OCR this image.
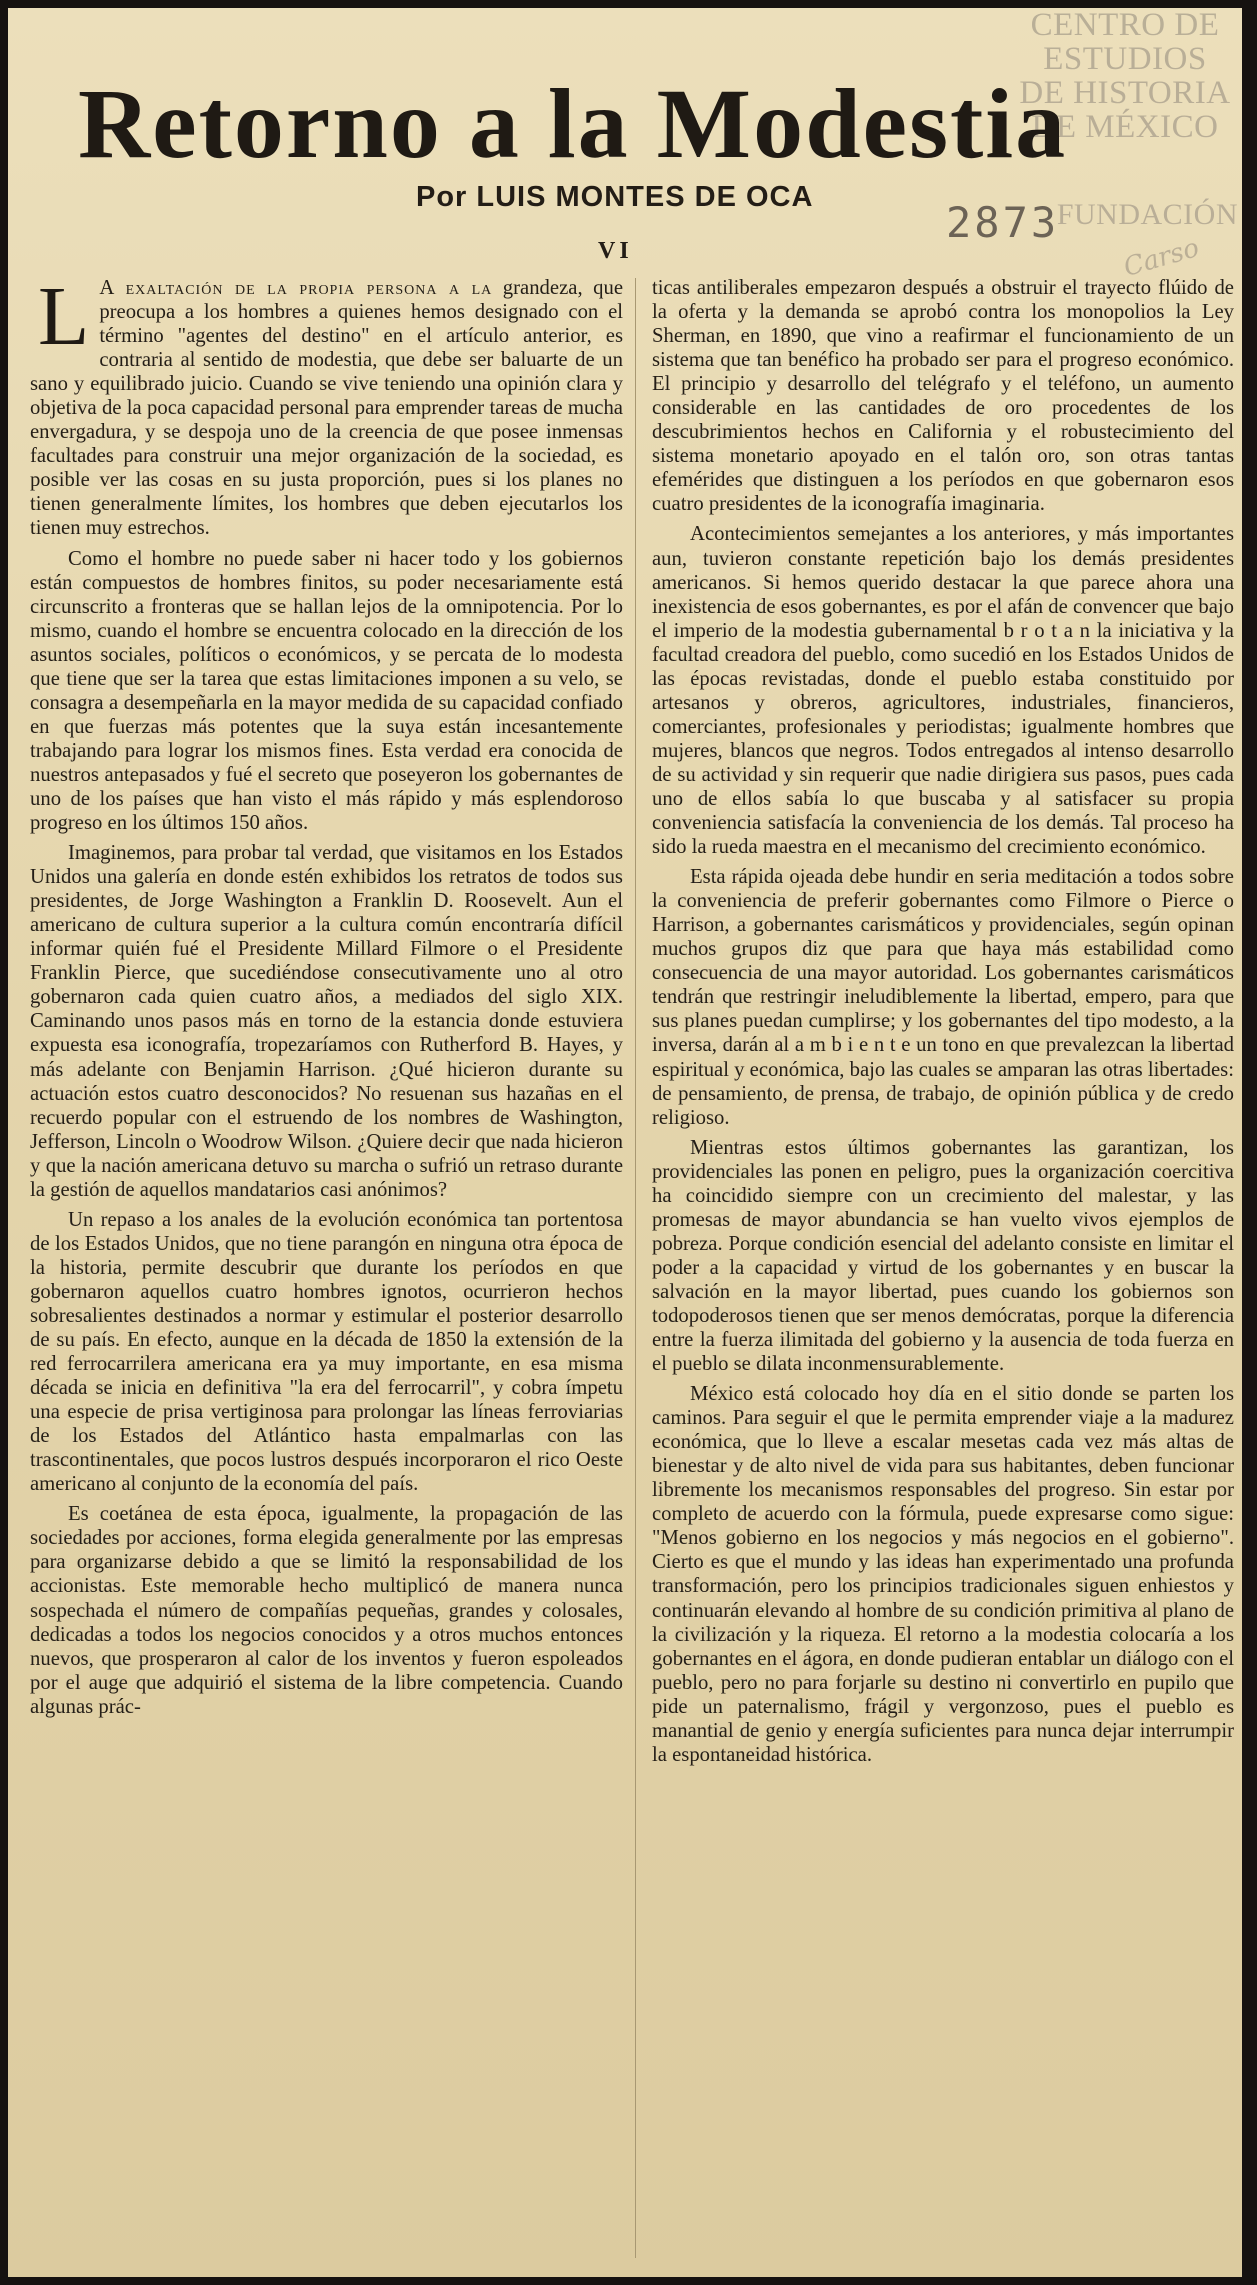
CENTRO DE
ESTUDIOS
DE HISTORIA
DE MÉXICO
FUNDACIÓN
Carso
Retorno a la Modestia
Por LUIS MONTES DE OCA
2873
VI

L A exaltación de la propia persona a la grandeza, que preocupa a los hombres a quienes hemos designado con el término "agentes del destino" en el artículo anterior, es contraria al sentido de modestia, que debe ser baluarte de un sano y equilibrado juicio. Cuando se vive teniendo una opinión clara y objetiva de la poca capacidad personal para emprender tareas de mucha envergadura, y se despoja uno de la creencia de que posee inmensas facultades para construir una mejor organización de la sociedad, es posible ver las cosas en su justa proporción, pues si los planes no tienen generalmente límites, los hombres que deben ejecutarlos los tienen muy estrechos.

Como el hombre no puede saber ni hacer todo y los gobiernos están compuestos de hombres finitos, su poder necesariamente está circunscrito a fronteras que se hallan lejos de la omnipotencia. Por lo mismo, cuando el hombre se encuentra colocado en la dirección de los asuntos sociales, políticos o económicos, y se percata de lo modesta que tiene que ser la tarea que estas limitaciones imponen a su velo, se consagra a desempeñarla en la mayor medida de su capacidad confiado en que fuerzas más potentes que la suya están incesantemente trabajando para lograr los mismos fines. Esta verdad era conocida de nuestros antepasados y fué el secreto que poseyeron los gobernantes de uno de los países que han visto el más rápido y más esplendoroso progreso en los últimos 150 años.

Imaginemos, para probar tal verdad, que visitamos en los Estados Unidos una galería en donde estén exhibidos los retratos de todos sus presidentes, de Jorge Washington a Franklin D. Roosevelt. Aun el americano de cultura superior a la cultura común encontraría difícil informar quién fué el Presidente Millard Filmore o el Presidente Franklin Pierce, que sucediéndose consecutivamente uno al otro gobernaron cada quien cuatro años, a mediados del siglo XIX. Caminando unos pasos más en torno de la estancia donde estuviera expuesta esa iconografía, tropezaríamos con Rutherford B. Hayes, y más adelante con Benjamin Harrison. ¿Qué hicieron durante su actuación estos cuatro desconocidos? No resuenan sus hazañas en el recuerdo popular con el estruendo de los nombres de Washington, Jefferson, Lincoln o Woodrow Wilson. ¿Quiere decir que nada hicieron y que la nación americana detuvo su marcha o sufrió un retraso durante la gestión de aquellos mandatarios casi anónimos?

Un repaso a los anales de la evolución económica tan portentosa de los Estados Unidos, que no tiene parangón en ninguna otra época de la historia, permite descubrir que durante los períodos en que gobernaron aquellos cuatro hombres ignotos, ocurrieron hechos sobresalientes destinados a normar y estimular el posterior desarrollo de su país. En efecto, aunque en la década de 1850 la extensión de la red ferrocarrilera americana era ya muy importante, en esa misma década se inicia en definitiva "la era del ferrocarril", y cobra ímpetu una especie de prisa vertiginosa para prolongar las líneas ferroviarias de los Estados del Atlántico hasta empalmarlas con las trascontinentales, que pocos lustros después incorporaron el rico Oeste americano al conjunto de la economía del país.

Es coetánea de esta época, igualmente, la propagación de las sociedades por acciones, forma elegida generalmente por las empresas para organizarse debido a que se limitó la responsabilidad de los accionistas. Este memorable hecho multiplicó de manera nunca sospechada el número de compañías pequeñas, grandes y colosales, dedicadas a todos los negocios conocidos y a otros muchos entonces nuevos, que prosperaron al calor de los inventos y fueron espoleados por el auge que adquirió el sistema de la libre competencia. Cuando algunas prác-

ticas antiliberales empezaron después a obstruir el trayecto flúido de la oferta y la demanda se aprobó contra los monopolios la Ley Sherman, en 1890, que vino a reafirmar el funcionamiento de un sistema que tan benéfico ha probado ser para el progreso económico. El principio y desarrollo del telégrafo y el teléfono, un aumento considerable en las cantidades de oro procedentes de los descubrimientos hechos en California y el robustecimiento del sistema monetario apoyado en el talón oro, son otras tantas efemérides que distinguen a los períodos en que gobernaron esos cuatro presidentes de la iconografía imaginaria.

Acontecimientos semejantes a los anteriores, y más importantes aun, tuvieron constante repetición bajo los demás presidentes americanos. Si hemos querido destacar la que parece ahora una inexistencia de esos gobernantes, es por el afán de convencer que bajo el imperio de la modestia gubernamental b r o t a n la iniciativa y la facultad creadora del pueblo, como sucedió en los Estados Unidos de las épocas revistadas, donde el pueblo estaba constituido por artesanos y obreros, agricultores, industriales, financieros, comerciantes, profesionales y periodistas; igualmente hombres que mujeres, blancos que negros. Todos entregados al intenso desarrollo de su actividad y sin requerir que nadie dirigiera sus pasos, pues cada uno de ellos sabía lo que buscaba y al satisfacer su propia conveniencia satisfacía la conveniencia de los demás. Tal proceso ha sido la rueda maestra en el mecanismo del crecimiento económico.

Esta rápida ojeada debe hundir en seria meditación a todos sobre la conveniencia de preferir gobernantes como Filmore o Pierce o Harrison, a gobernantes carismáticos y providenciales, según opinan muchos grupos diz que para que haya más estabilidad como consecuencia de una mayor autoridad. Los gobernantes carismáticos tendrán que restringir ineludiblemente la libertad, empero, para que sus planes puedan cumplirse; y los gobernantes del tipo modesto, a la inversa, darán al a m b i e n t e un tono en que prevalezcan la libertad espiritual y económica, bajo las cuales se amparan las otras libertades: de pensamiento, de prensa, de trabajo, de opinión pública y de credo religioso.

Mientras estos últimos gobernantes las garantizan, los providenciales las ponen en peligro, pues la organización coercitiva ha coincidido siempre con un crecimiento del malestar, y las promesas de mayor abundancia se han vuelto vivos ejemplos de pobreza. Porque condición esencial del adelanto consiste en limitar el poder a la capacidad y virtud de los gobernantes y en buscar la salvación en la mayor libertad, pues cuando los gobiernos son todopoderosos tienen que ser menos demócratas, porque la diferencia entre la fuerza ilimitada del gobierno y la ausencia de toda fuerza en el pueblo se dilata inconmensurablemente.

México está colocado hoy día en el sitio donde se parten los caminos. Para seguir el que le permita emprender viaje a la madurez económica, que lo lleve a escalar mesetas cada vez más altas de bienestar y de alto nivel de vida para sus habitantes, deben funcionar libremente los mecanismos responsables del progreso. Sin estar por completo de acuerdo con la fórmula, puede expresarse como sigue: "Menos gobierno en los negocios y más negocios en el gobierno". Cierto es que el mundo y las ideas han experimentado una profunda transformación, pero los principios tradicionales siguen enhiestos y continuarán elevando al hombre de su condición primitiva al plano de la civilización y la riqueza. El retorno a la modestia colocaría a los gobernantes en el ágora, en donde pudieran entablar un diálogo con el pueblo, pero no para forjarle su destino ni convertirlo en pupilo que pide un paternalismo, frágil y vergonzoso, pues el pueblo es manantial de genio y energía suficientes para nunca dejar interrumpir la espontaneidad histórica.
